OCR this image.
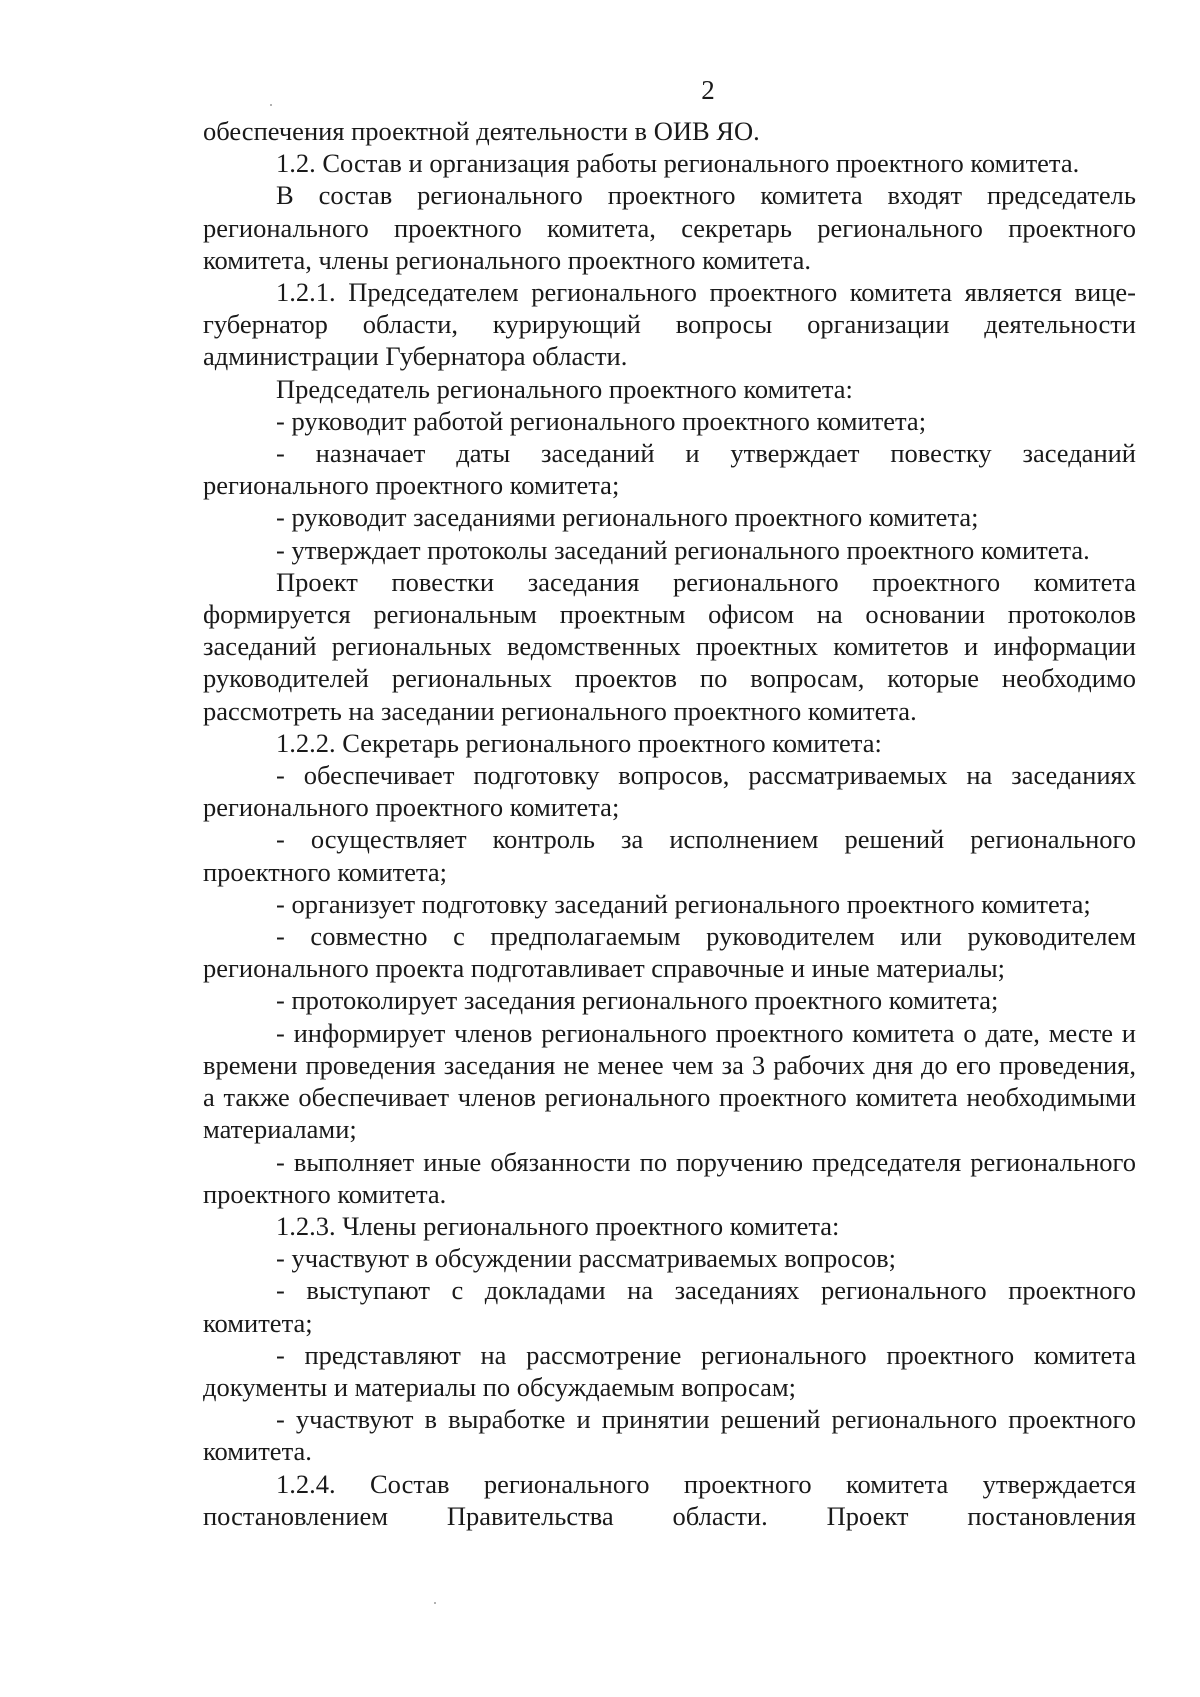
2

обеспечения проектной деятельности в ОИВ ЯО.

1.2. Состав и организация работы регионального проектного комитета.

В состав регионального проектного комитета входят председатель регионального проектного комитета, секретарь регионального проектного комитета, члены регионального проектного комитета.

1.2.1. Председателем регионального проектного комитета является вице-губернатор области, курирующий вопросы организации деятельности администрации Губернатора области.

Председатель регионального проектного комитета:

- руководит работой регионального проектного комитета;

- назначает даты заседаний и утверждает повестку заседаний регионального проектного комитета;

- руководит заседаниями регионального проектного комитета;

- утверждает протоколы заседаний регионального проектного комитета.

Проект повестки заседания регионального проектного комитета формируется региональным проектным офисом на основании протоколов заседаний региональных ведомственных проектных комитетов и информации руководителей региональных проектов по вопросам, которые необходимо рассмотреть на заседании регионального проектного комитета.

1.2.2. Секретарь регионального проектного комитета:

- обеспечивает подготовку вопросов, рассматриваемых на заседаниях регионального проектного комитета;

- осуществляет контроль за исполнением решений регионального проектного комитета;

- организует подготовку заседаний регионального проектного комитета;

- совместно с предполагаемым руководителем или руководителем регионального проекта подготавливает справочные и иные материалы;

- протоколирует заседания регионального проектного комитета;

- информирует членов регионального проектного комитета о дате, месте и времени проведения заседания не менее чем за 3 рабочих дня до его проведения, а также обеспечивает членов регионального проектного комитета необходимыми материалами;

- выполняет иные обязанности по поручению председателя регионального проектного комитета.

1.2.3. Члены регионального проектного комитета:

- участвуют в обсуждении рассматриваемых вопросов;

- выступают с докладами на заседаниях регионального проектного комитета;

- представляют на рассмотрение регионального проектного комитета документы и материалы по обсуждаемым вопросам;

- участвуют в выработке и принятии решений регионального проектного комитета.

1.2.4. Состав регионального проектного комитета утверждается постановлением Правительства области. Проект постановления
